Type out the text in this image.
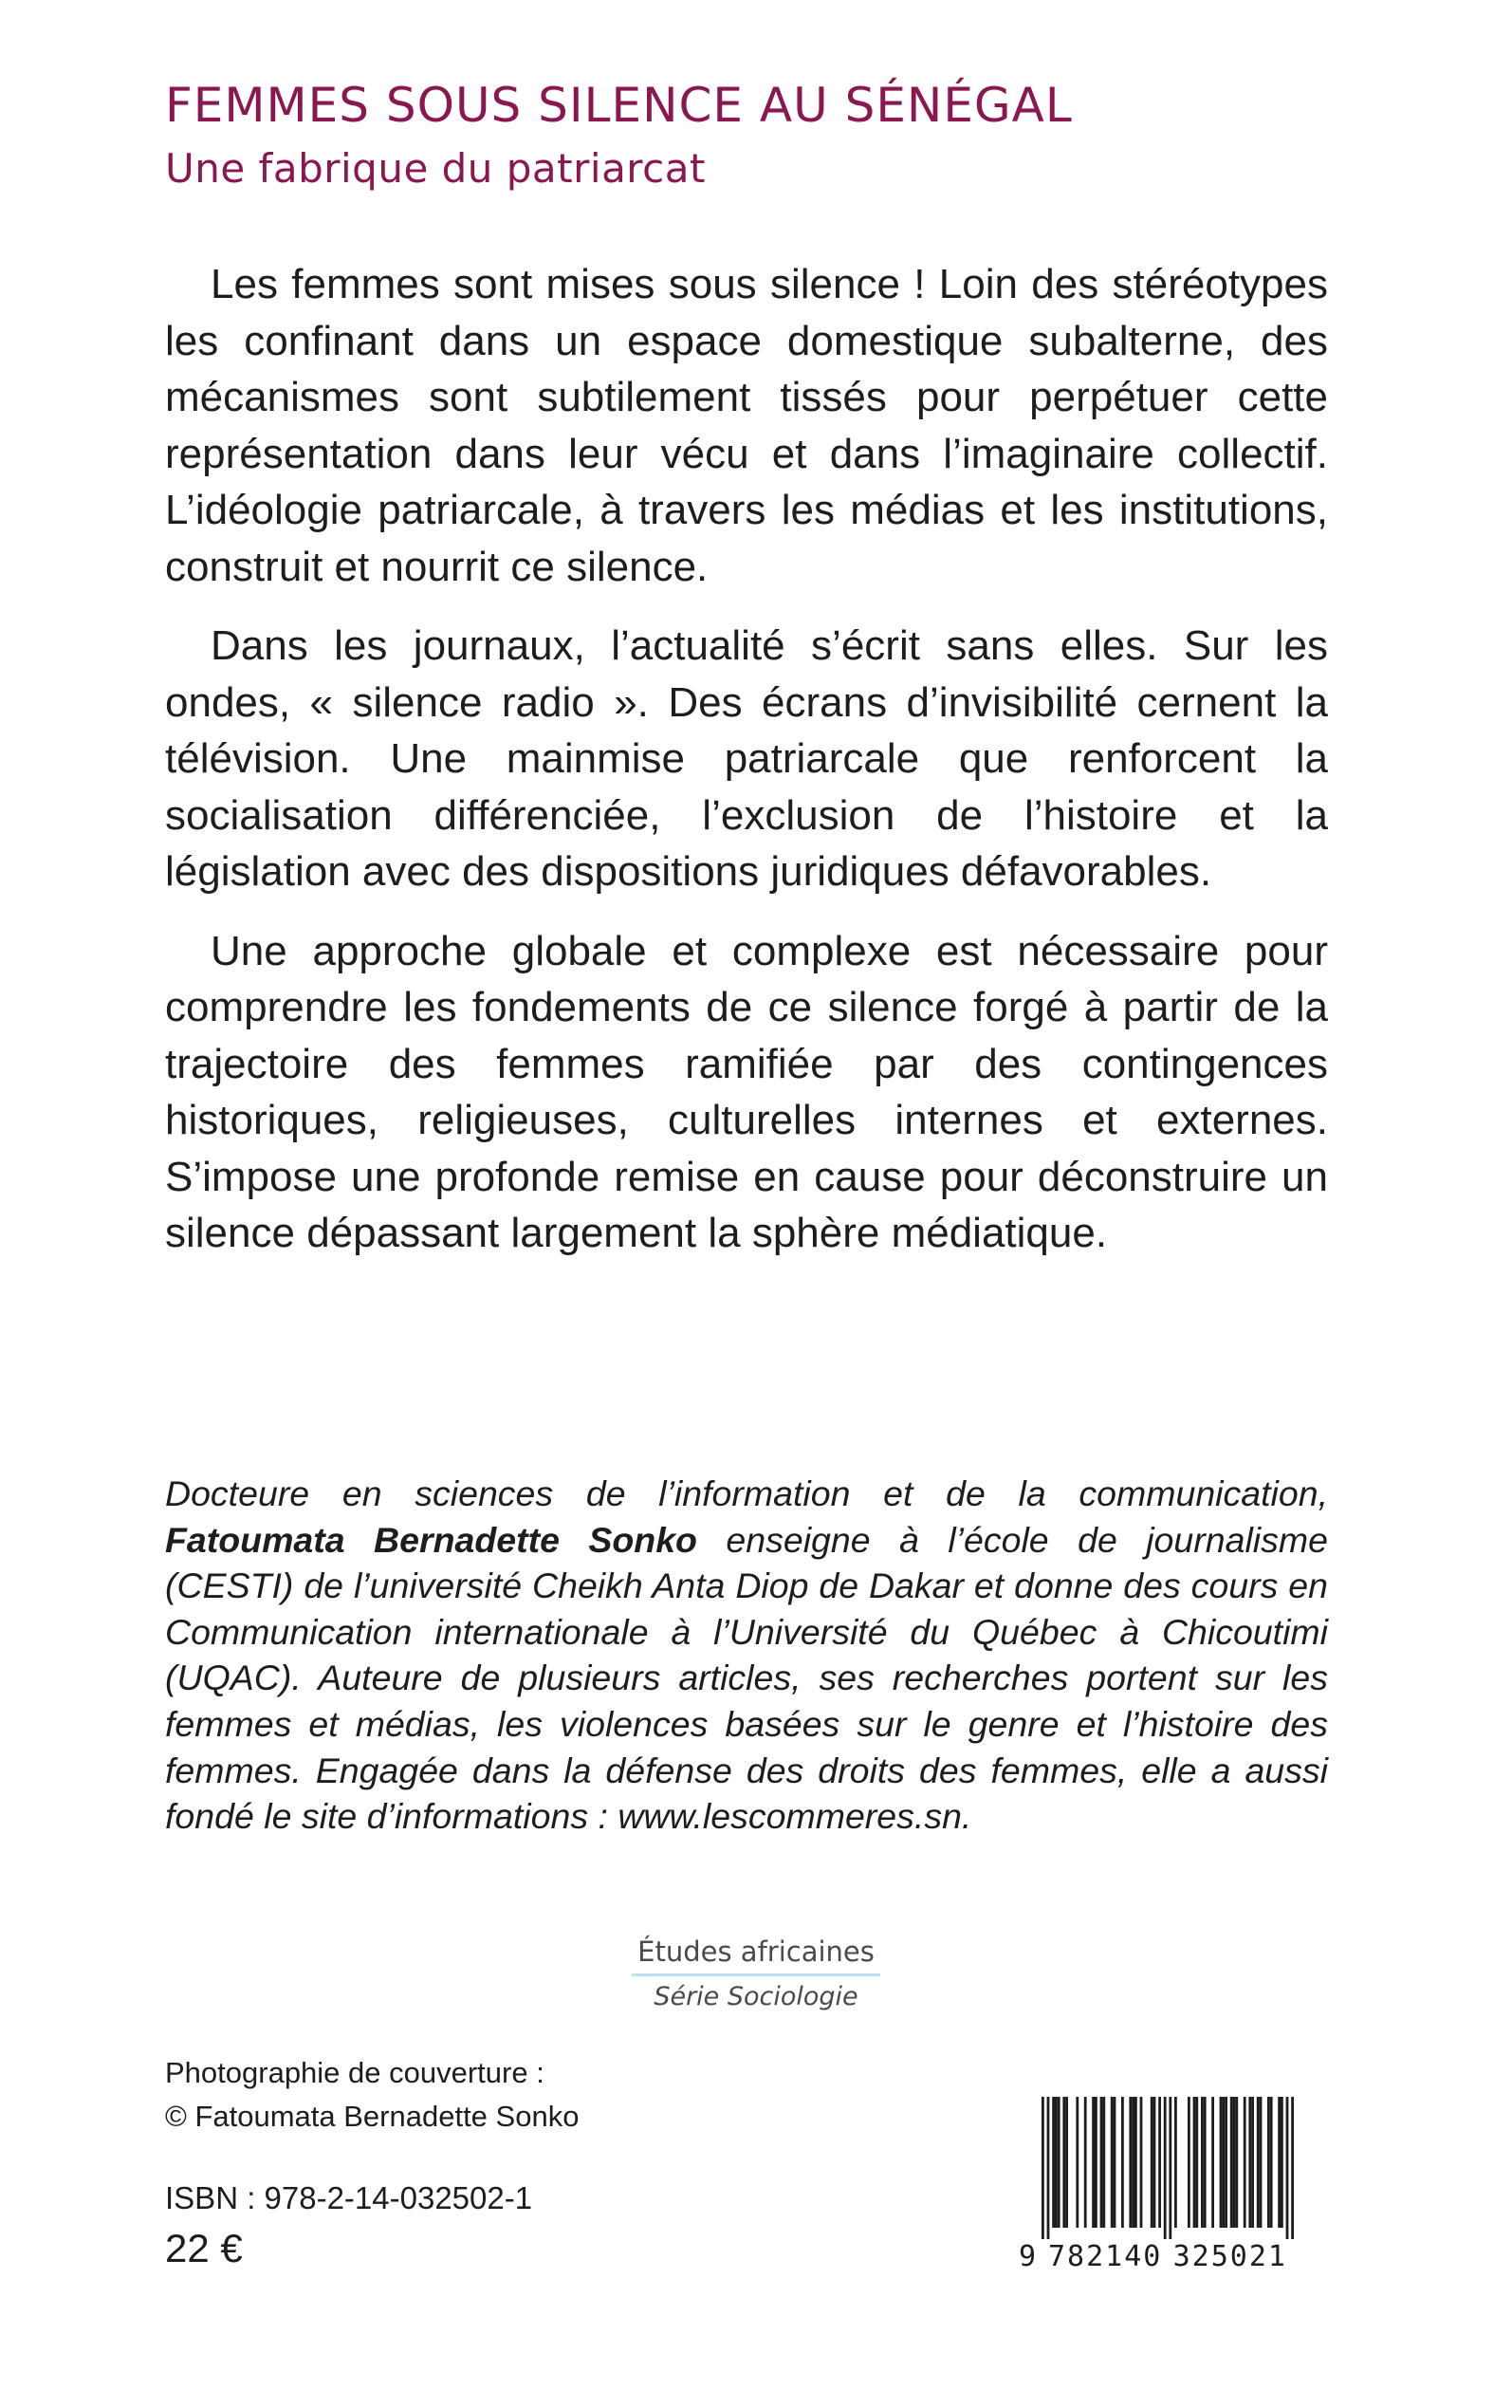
FEMMES SOUS SILENCE AU SÉNÉGAL
Une fabrique du patriarcat

Les femmes sont mises sous silence ! Loin des stéréotypes les confinant dans un espace domestique subalterne, des mécanismes sont subtilement tissés pour perpétuer cette représentation dans leur vécu et dans l’imaginaire collectif. L’idéologie patriarcale, à travers les médias et les institutions, construit et nourrit ce silence.

Dans les journaux, l’actualité s’écrit sans elles. Sur les ondes, « silence radio ». Des écrans d’invisibilité cernent la télévision. Une mainmise patriarcale que renforcent la socialisation différenciée, l’exclusion de l’histoire et la législation avec des dispositions juridiques défavorables.

Une approche globale et complexe est nécessaire pour comprendre les fondements de ce silence forgé à partir de la trajectoire des femmes ramifiée par des contingences historiques, religieuses, culturelles internes et externes. S’impose une profonde remise en cause pour déconstruire un silence dépassant largement la sphère médiatique.

Docteure en sciences de l’information et de la communication, Fatoumata Bernadette Sonko enseigne à l’école de journalisme (CESTI) de l’université Cheikh Anta Diop de Dakar et donne des cours en Communication internationale à l’Université du Québec à Chicoutimi (UQAC). Auteure de plusieurs articles, ses recherches portent sur les femmes et médias, les violences basées sur le genre et l’histoire des femmes. Engagée dans la défense des droits des femmes, elle a aussi fondé le site d’informations : www.lescommeres.sn.

Études africaines
Série Sociologie
Photographie de couverture :
© Fatoumata Bernadette Sonko
ISBN : 978-2-14-032502-1
22 €	9 782140 325021
